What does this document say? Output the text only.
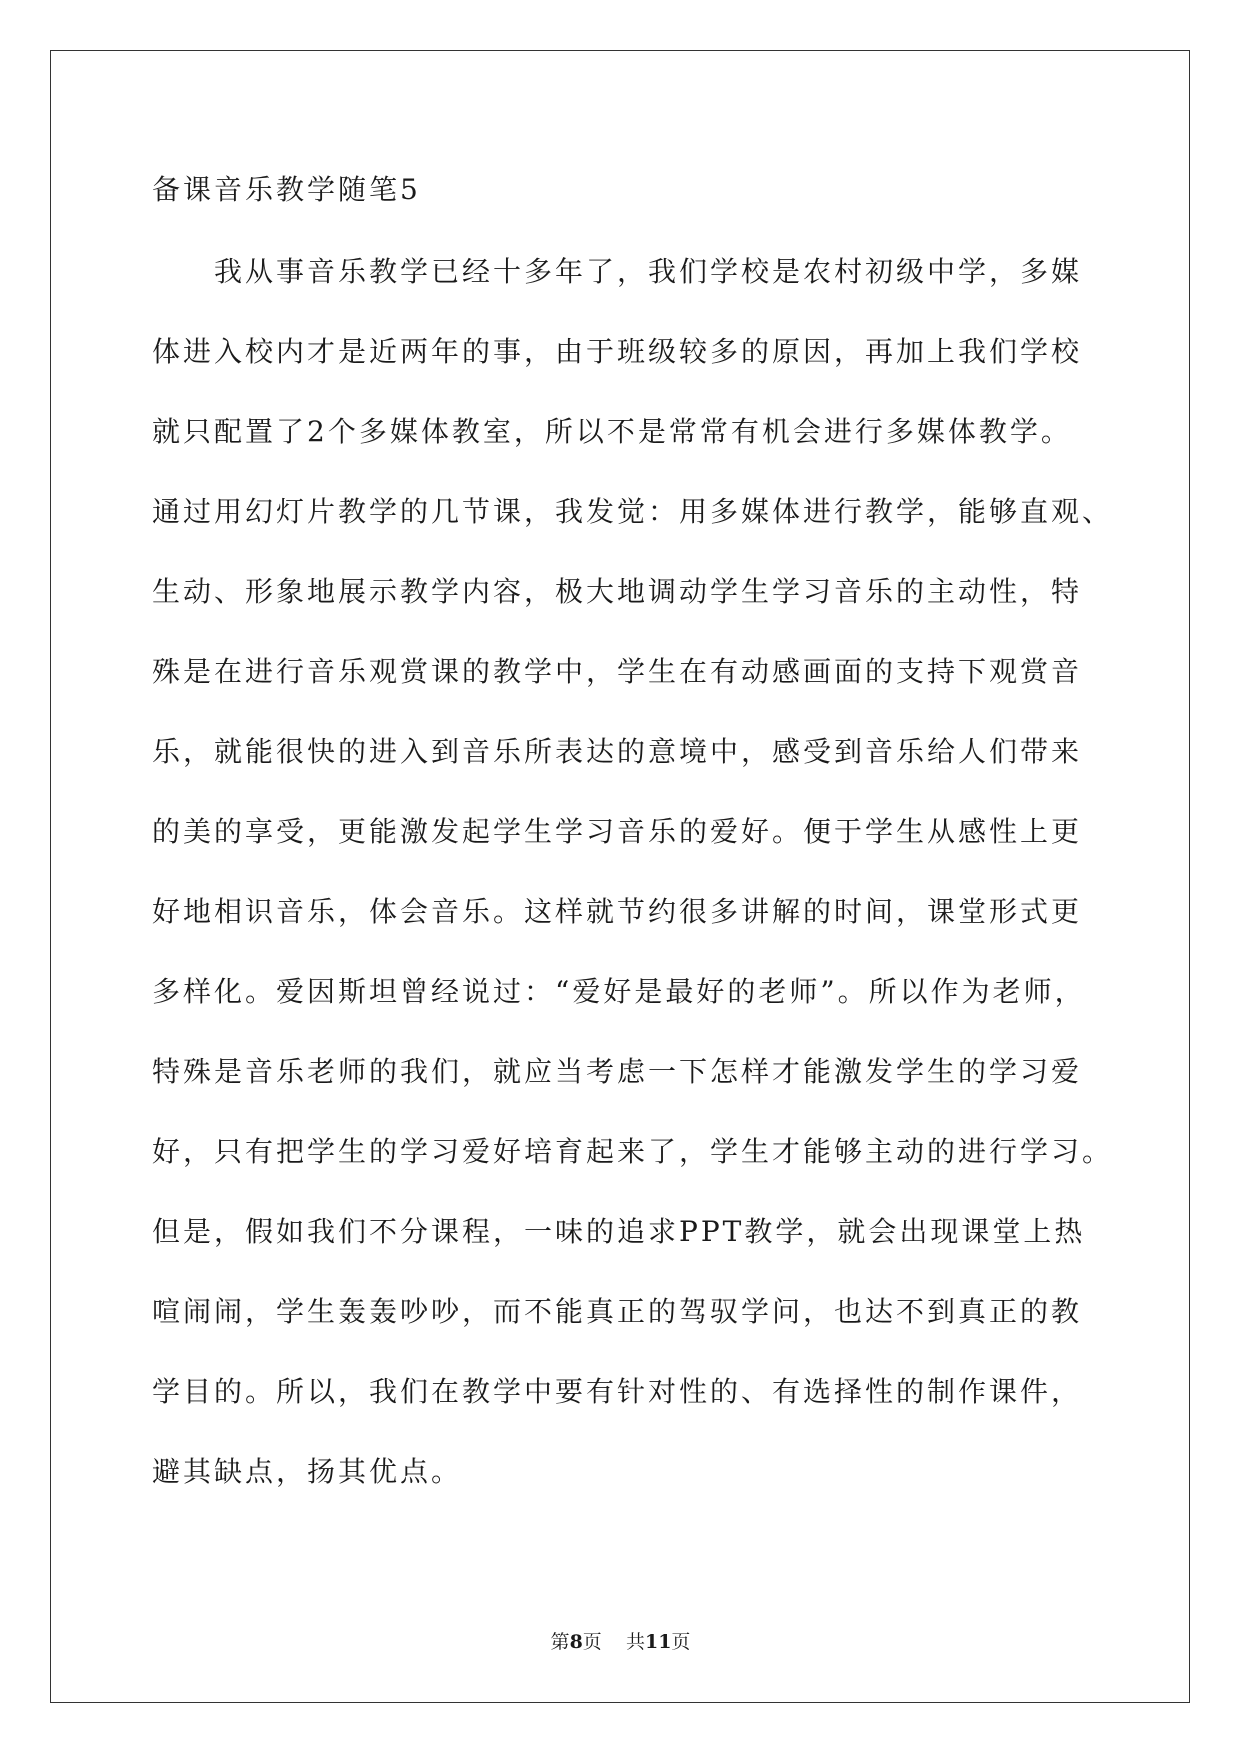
备课音乐教学随笔5
我从事音乐教学已经十多年了，我们学校是农村初级中学，多媒
体进入校内才是近两年的事，由于班级较多的原因，再加上我们学校
就只配置了2个多媒体教室，所以不是常常有机会进行多媒体教学。
通过用幻灯片教学的几节课，我发觉：用多媒体进行教学，能够直观、
生动、形象地展示教学内容，极大地调动学生学习音乐的主动性，特
殊是在进行音乐观赏课的教学中，学生在有动感画面的支持下观赏音
乐，就能很快的进入到音乐所表达的意境中，感受到音乐给人们带来
的美的享受，更能激发起学生学习音乐的爱好。便于学生从感性上更
好地相识音乐，体会音乐。这样就节约很多讲解的时间，课堂形式更
多样化。爱因斯坦曾经说过：“爱好是最好的老师”。所以作为老师，
特殊是音乐老师的我们，就应当考虑一下怎样才能激发学生的学习爱
好，只有把学生的学习爱好培育起来了，学生才能够主动的进行学习。
但是，假如我们不分课程，一味的追求PPT教学，就会出现课堂上热
喧闹闹，学生轰轰吵吵，而不能真正的驾驭学问，也达不到真正的教
学目的。所以，我们在教学中要有针对性的、有选择性的制作课件，
避其缺点，扬其优点。
第8页    共11页
